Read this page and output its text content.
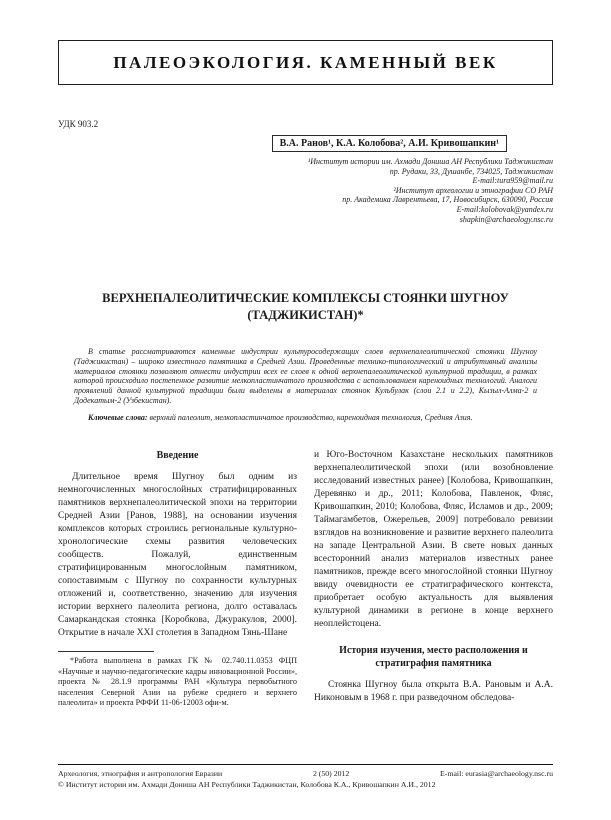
ПАЛЕОЭКОЛОГИЯ. КАМЕННЫЙ ВЕК
УДК 903.2
В.А. Ранов¹, К.А. Колобова², А.И. Кривошапкин¹
¹Институт истории им. Ахмади Дониша АН Республики Таджикистан
пр. Рудаки, 33, Душанбе, 734025, Таджикистан
E-mail:tura959@mail.ru
²Институт археологии и этнографии СО РАН
пр. Академика Лаврентьева, 17, Новосибирск, 630090, Россия
E-mail:kolobovak@yandex.ru
shapkin@archaeology.nsc.ru
ВЕРХНЕПАЛЕОЛИТИЧЕСКИЕ КОМПЛЕКСЫ СТОЯНКИ ШУГНОУ (ТАДЖИКИСТАН)*

В статье рассматриваются каменные индустрии культуросодержащих слоев верхнепалеолитической стоянки Шугноу (Таджикистан) – широко известного памятника в Средней Азии. Проведенные технико-типологический и атрибутивный анализы материалов стоянки позволяют отнести индустрии всех ее слоев к одной верхнепалеолитической культурной традиции, в рамках которой происходило постепенное развитие мелкопластинчатого производства с использованием кареноидных технологий. Аналоги проявлений данной культурной традиции были выделены в материалах стоянок Кульбулак (слои 2.1 и 2.2), Кызыл-Алма-2 и Додекатым-2 (Узбекистан).

Ключевые слова: верхний палеолит, мелкопластинчатое производство, кареноидная технология, Средняя Азия.
Введение

Длительное время Шугноу был одним из немногочисленных многослойных стратифицированных памятников верхнепалеолитической эпохи на территории Средней Азии [Ранов, 1988], на основании изучения комплексов которых строились региональные культурно-хронологические схемы развития человеческих сообществ. Пожалуй, единственным стратифицированным многослойным памятником, сопоставимым с Шугноу по сохранности культурных отложений и, соответственно, значению для изучения истории верхнего палеолита региона, долго оставалась Самаркандская стоянка [Коробкова, Джуракулов, 2000]. Открытие в начале XXI столетия в Западном Тянь-Шане

*Работа выполнена в рамках ГК № 02.740.11.0353 ФЦП «Научные и научно-педагогические кадры инновационной России», проекта № 28.1.9 программы РАН «Культура первобытного населения Северной Азии на рубеже среднего и верхнего палеолита» и проекта РФФИ 11-06-12003 офи-м.

и Юго-Восточном Казахстане нескольких памятников верхнепалеолитической эпохи (или возобновление исследований известных ранее) [Колобова, Кривошапкин, Деревянко и др., 2011; Колобова, Павленок, Фляс, Кривошапкин, 2010; Колобова, Фляс, Исламов и др., 2009; Таймагамбетов, Ожерельев, 2009] потребовало ревизии взглядов на возникновение и развитие верхнего палеолита на западе Центральной Азии. В свете новых данных всесторонний анализ материалов известных ранее памятников, прежде всего многослойной стоянки Шугноу ввиду очевидности ее стратиграфического контекста, приобретает особую актуальность для выявления культурной динамики в регионе в конце верхнего неоплейстоцена.

История изучения, место расположения и стратиграфия памятника

Стоянка Шугноу была открыта В.А. Рановым и А.А. Никоновым в 1968 г. при разведочном обследова-

Археология, этнография и антропология Евразии	2 (50) 2012	E-mail: eurasia@archaeology.nsc.ru
© Институт истории им. Ахмади Дониша АН Республики Таджикистан, Колобова К.А., Кривошапкин А.И., 2012
